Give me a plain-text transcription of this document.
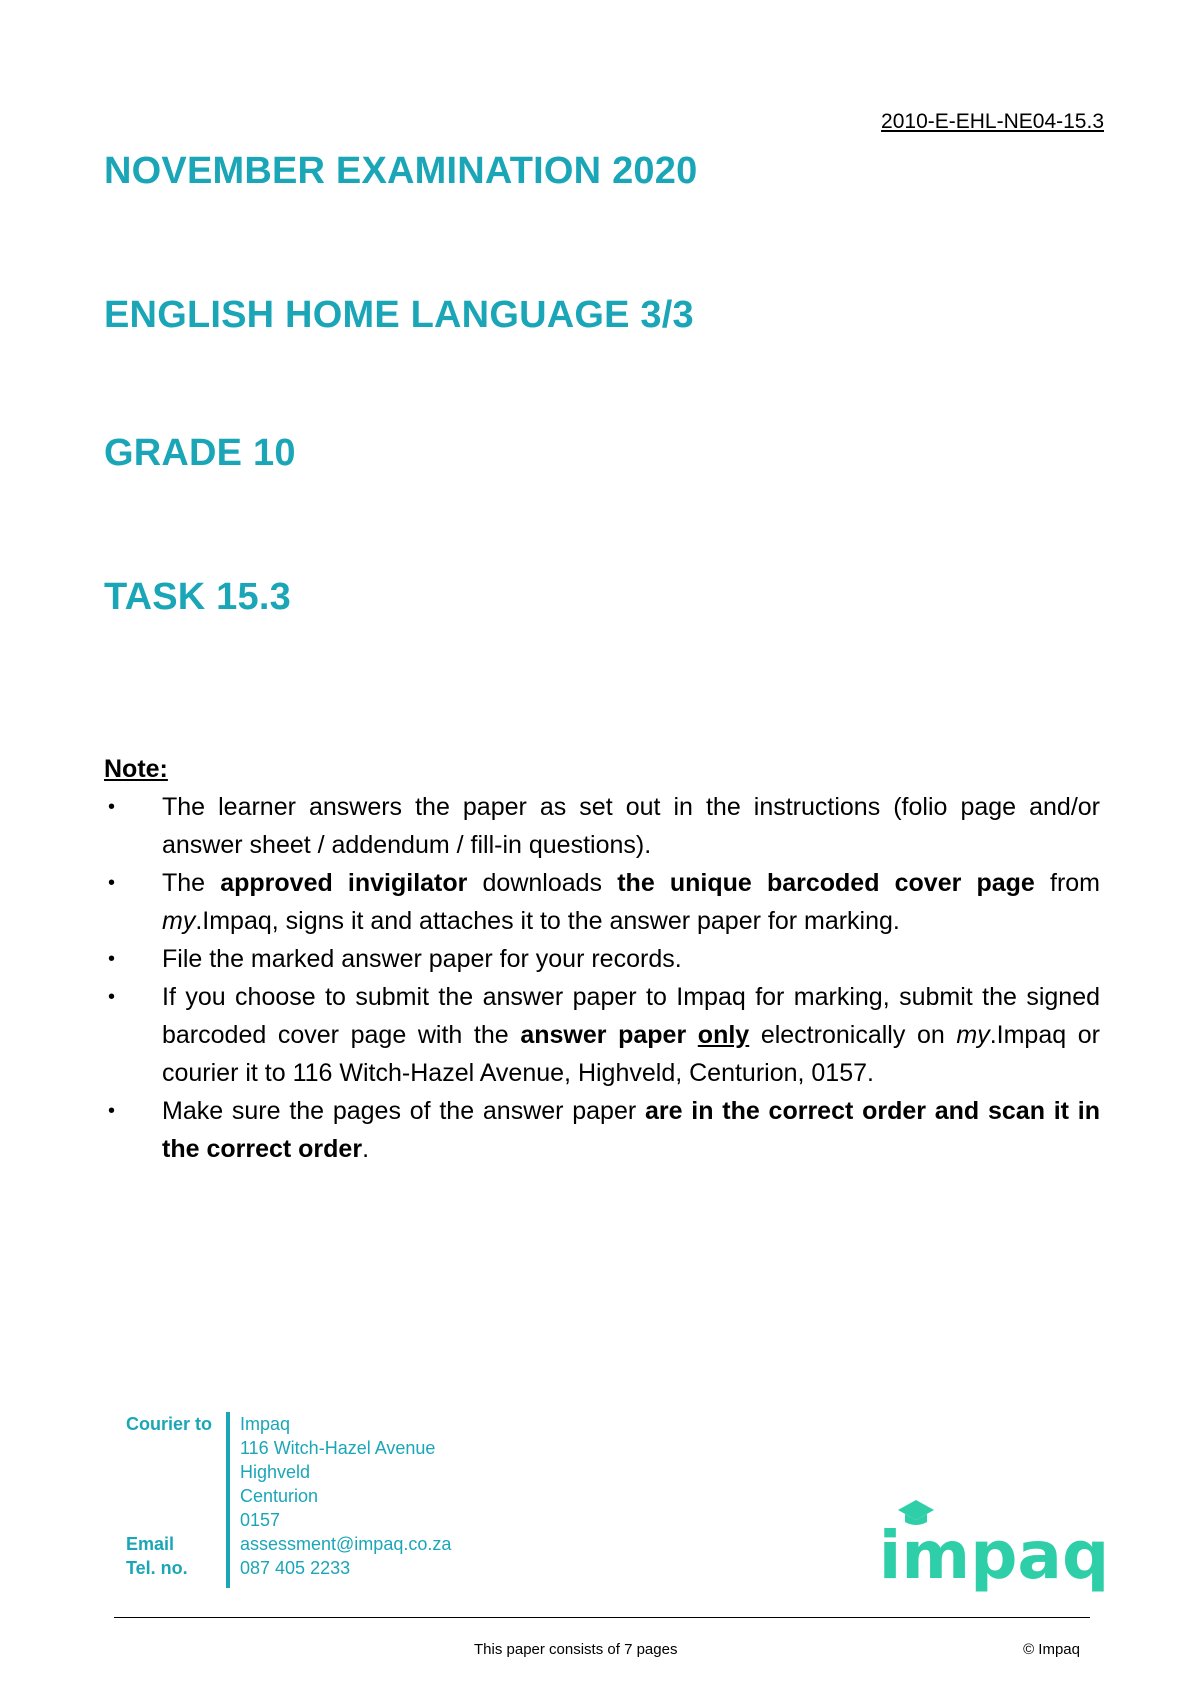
2010-E-EHL-NE04-15.3
NOVEMBER EXAMINATION 2020
ENGLISH HOME LANGUAGE 3/3
GRADE 10
TASK 15.3

Note:

• The learner answers the paper as set out in the instructions (folio page and/or answer sheet / addendum / fill-in questions).
• The approved invigilator downloads the unique barcoded cover page from my.Impaq, signs it and attaches it to the answer paper for marking.
• File the marked answer paper for your records.
• If you choose to submit the answer paper to Impaq for marking, submit the signed barcoded cover page with the answer paper only electronically on my.Impaq or courier it to 116 Witch-Hazel Avenue, Highveld, Centurion, 0157.
• Make sure the pages of the answer paper are in the correct order and scan it in the correct order.
Courier to
Email
Tel. no.
Impaq
116 Witch-Hazel Avenue
Highveld
Centurion
0157
assessment@impaq.co.za
087 405 2233	impaq
This paper consists of 7 pages	© Impaq
